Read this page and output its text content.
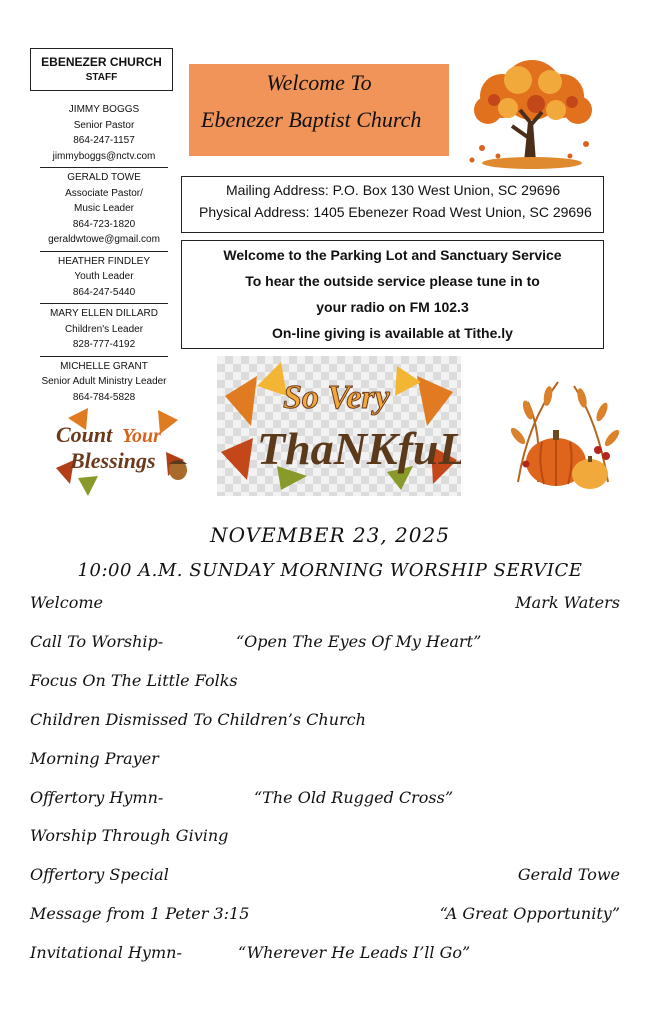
EBENEZER CHURCH
STAFF
JIMMY BOGGS
Senior Pastor
864-247-1157
jimmyboggs@nctv.com
GERALD TOWE
Associate Pastor/
Music Leader
864-723-1820
geraldwtowe@gmail.com
HEATHER FINDLEY
Youth Leader
864-247-5440
MARY ELLEN DILLARD
Children's Leader
828-777-4192
MICHELLE GRANT
Senior Adult Ministry Leader
864-784-5828
Welcome To
Ebenezer Baptist Church
Mailing Address: P.O. Box 130 West Union, SC 29696
Physical Address: 1405 Ebenezer Road West Union, SC 29696
Welcome to the Parking Lot and Sanctuary Service
To hear the outside service please tune in to
your radio on FM 102.3
On-line giving is available at Tithe.ly
Count Your
Blessings
So Very
ThaNKfuL
NOVEMBER 23, 2025
10:00 A.M. SUNDAY MORNING WORSHIP SERVICE
Welcome	Mark Waters
Call To Worship-	“Open The Eyes Of My Heart”
Focus On The Little Folks
Children Dismissed To Children’s Church
Morning Prayer
Offertory Hymn-	“The Old Rugged Cross”
Worship Through Giving
Offertory Special	Gerald Towe
Message from 1 Peter 3:15	“A Great Opportunity”
Invitational Hymn-	“Wherever He Leads I’ll Go”
